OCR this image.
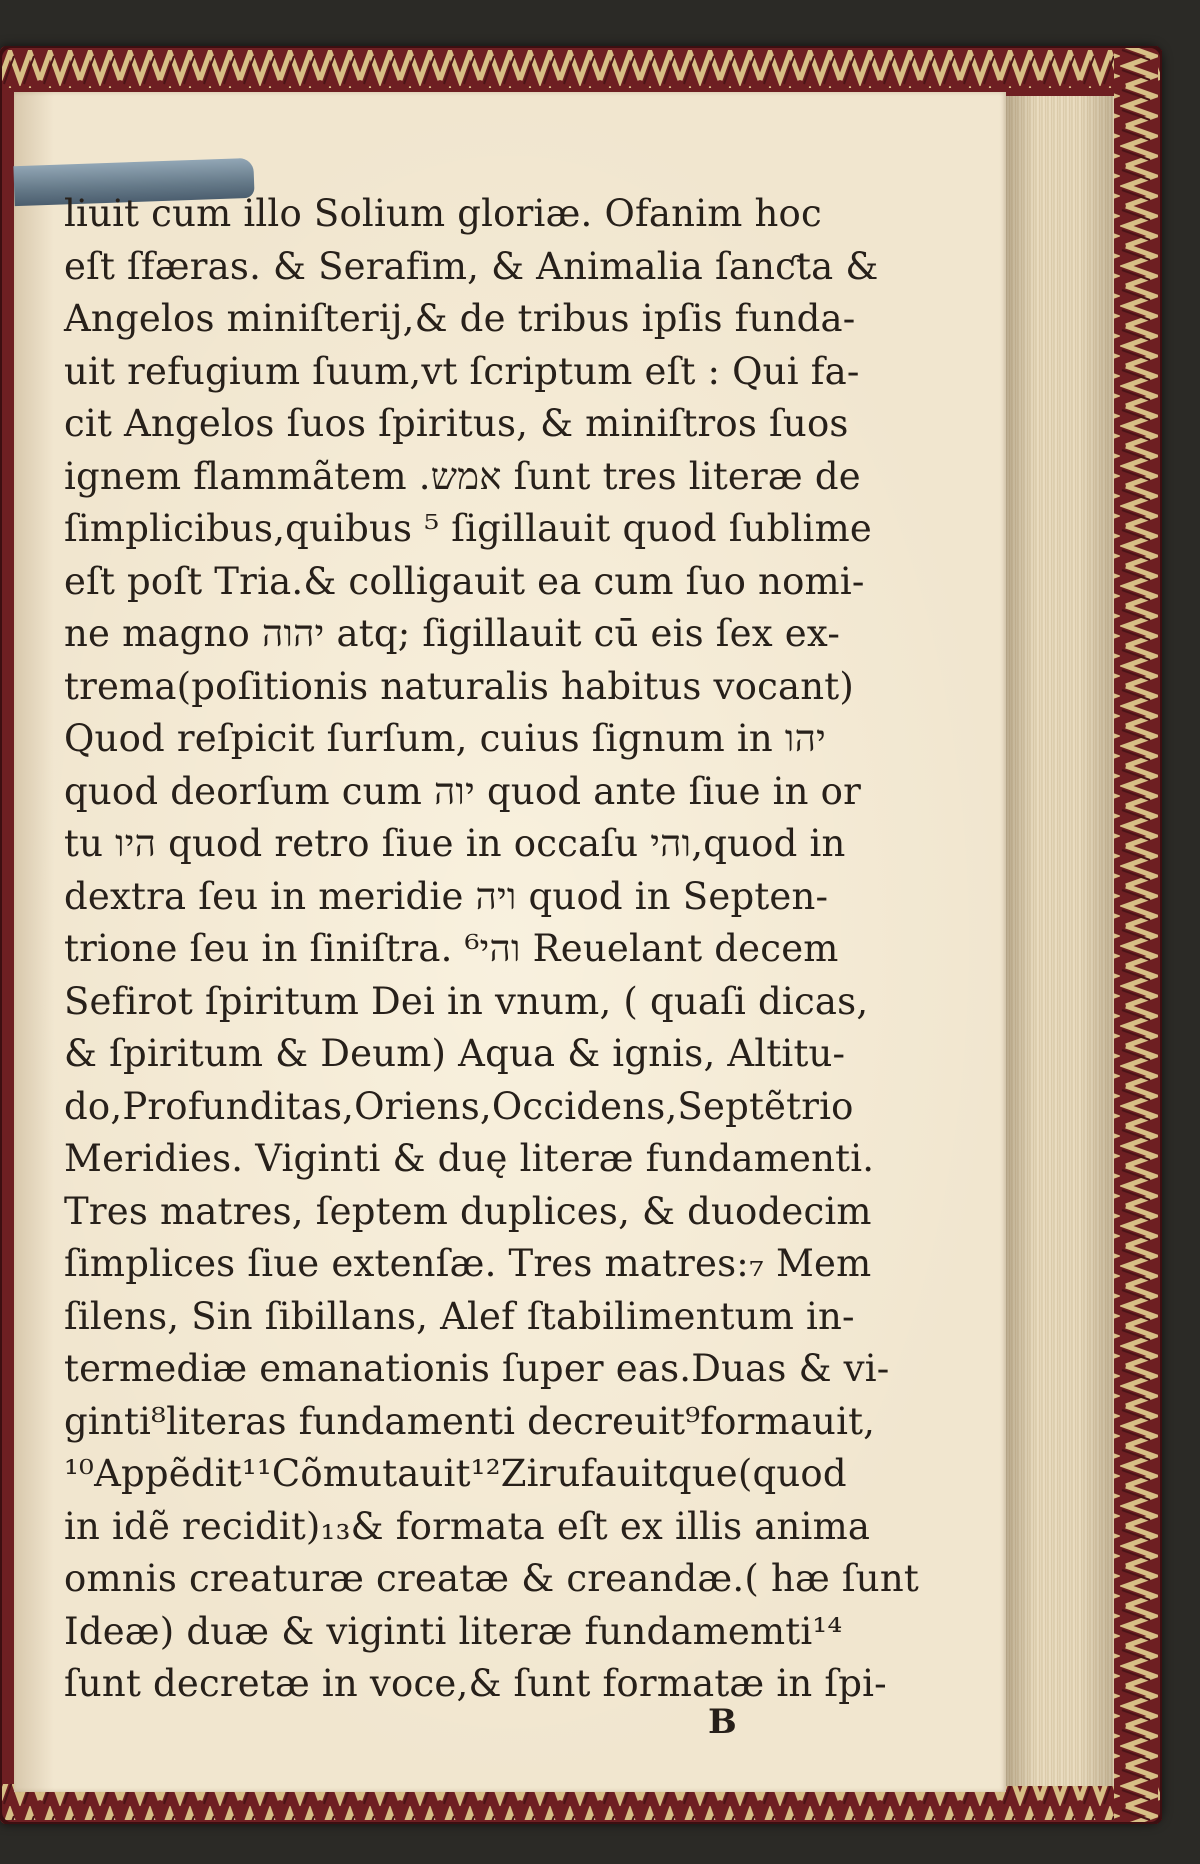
liuit cum illo Solium gloriæ. Ofanim hoc

eſt ſfæras. & Serafim, & Animalia ſanƈta &

Angelos miniſterij,& de tribus ipſis funda-

uit refugium ſuum,vt ſcriptum eſt : Qui fa-

cit Angelos ſuos ſpiritus, & miniſtros ſuos

ignem flammãtem .אמש ſunt tres literæ de

ſimplicibus,quibus ⁵ ſigillauit quod ſublime

eſt poſt Tria.& colligauit ea cum ſuo nomi-

ne magno יהוה atq; ſigillauit cū eis ſex ex-

trema(poſitionis naturalis habitus vocant)

Quod reſpicit ſurſum, cuius ſignum in יהו

quod deorſum cum יוה quod ante ſiue in or

tu היו quod retro ſiue in occaſu והי,quod in

dextra ſeu in meridie ויה quod in Septen-

trione ſeu in ſiniſtra. והי⁶ Reuelant decem

Sefirot ſpiritum Dei in vnum, ( quaſi dicas,

& ſpiritum & Deum) Aqua & ignis, Altitu-

do,Profunditas,Oriens,Occidens,Septẽtrio

Meridies. Viginti & duę literæ fundamenti.

Tres matres, ſeptem duplices, & duodecim

ſimplices ſiue extenſæ. Tres matres:₇ Mem

ſilens, Sin ſibillans, Alef ſtabilimentum in-

termediæ emanationis ſuper eas.Duas & vi-

ginti⁸literas fundamenti decreuit⁹formauit,

¹⁰Appẽdit¹¹Cõmutauit¹²Zirufauitque(quod

in idẽ recidit)₁₃& formata eſt ex illis anima

omnis creaturæ creatæ & creandæ.( hæ ſunt

Ideæ) duæ & viginti literæ fundamemti¹⁴

ſunt decretæ in voce,& ſunt formatæ in ſpi-

B
